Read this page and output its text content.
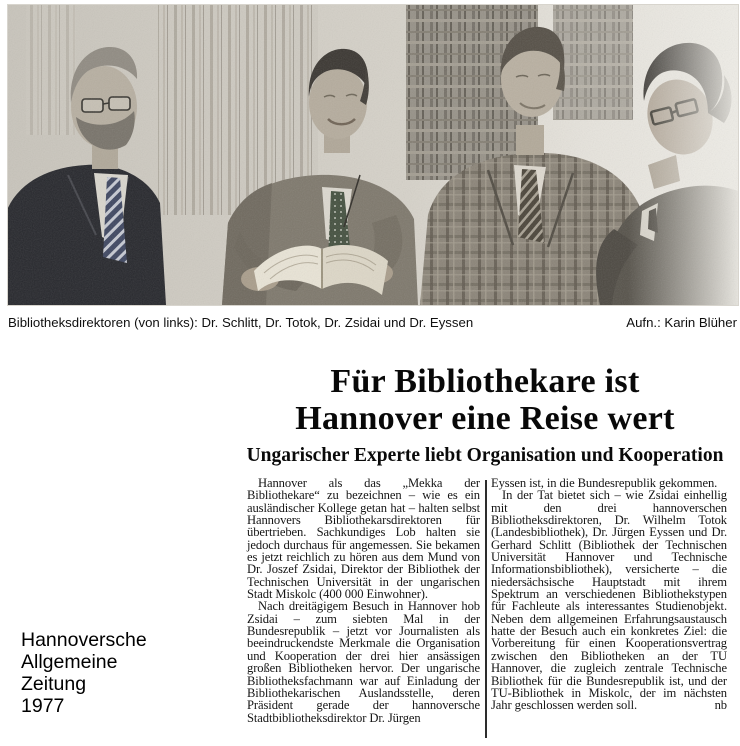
Bibliotheksdirektoren (von links): Dr. Schlitt, Dr. Totok, Dr. Zsidai und Dr. Eyssen	Aufn.: Karin Blüher
Für Bibliothekare ist
Hannover eine Reise wert
Ungarischer Experte liebt Organisation und Kooperation

Hannover als das „Mekka der Bibliothekare“ zu bezeichnen – wie es ein ausländischer Kollege getan hat – halten selbst Hannovers Bibliothekarsdirektoren für übertrieben. Sachkundiges Lob halten sie jedoch durchaus für angemessen. Sie bekamen es jetzt reichlich zu hören aus dem Mund von Dr. Joszef Zsidai, Direktor der Bibliothek der Technischen Universität in der ungarischen Stadt Miskolc (400 000 Einwohner).

Nach dreitägigem Besuch in Hannover hob Zsidai – zum siebten Mal in der Bundesrepublik – jetzt vor Journalisten als beeindruckendste Merkmale die Organisation und Kooperation der drei hier ansässigen großen Bibliotheken hervor. Der ungarische Bibliotheksfachmann war auf Einladung der Bibliothekarischen Auslandsstelle, deren Präsident gerade der hannoversche Stadtbibliotheksdirektor Dr. Jürgen

Eyssen ist, in die Bundesrepublik gekommen.

In der Tat bietet sich – wie Zsidai einhellig mit den drei hannoverschen Bibliotheksdirektoren, Dr. Wilhelm Totok (Landesbibliothek), Dr. Jürgen Eyssen und Dr. Gerhard Schlitt (Bibliothek der Technischen Universität Hannover und Technische Informationsbibliothek), versicherte – die niedersächsische Hauptstadt mit ihrem Spektrum an verschiedenen Bibliothekstypen für Fachleute als interessantes Studienobjekt. Neben dem allgemeinen Erfahrungsaustausch hatte der Besuch auch ein konkretes Ziel: die Vorbereitung für einen Kooperationsvertrag zwischen den Bibliotheken an der TU Hannover, die zugleich zentrale Technische Bibliothek für die Bundesrepublik ist, und der TU-Bibliothek in Miskolc, der im nächsten Jahr geschlossen werden soll.	nb
Hannoversche
Allgemeine
Zeitung
1977
